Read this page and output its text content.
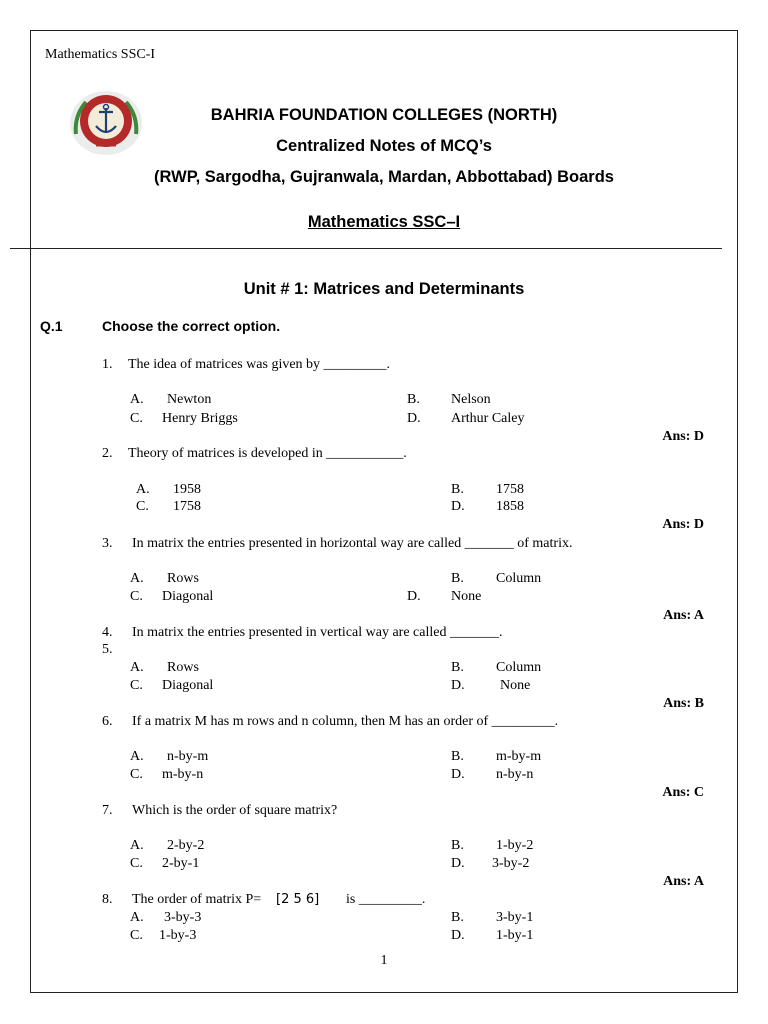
Mathematics SSC-I
BAHRIA FOUNDATION COLLEGES (NORTH)
Centralized Notes of MCQ’s
(RWP, Sargodha, Gujranwala, Mardan, Abbottabad) Boards
Mathematics SSC–I
Unit # 1: Matrices and Determinants
Q.1	Choose the correct option.
1. The idea of matrices was given by _________.
A. Newton	B. Nelson
C. Henry Briggs	D. Arthur Caley
Ans: D
2. Theory of matrices is developed in ___________.
A. 1958	B. 1758
C. 1758	D. 1858
Ans: D
3. In matrix the entries presented in horizontal way are called _______ of matrix.
A. Rows	B. Column
C. Diagonal	D. None
Ans: A
4. In matrix the entries presented in vertical way are called _______.
5.
A. Rows	B. Column
C. Diagonal	D.	None
Ans: B
6. If a matrix M has m rows and n column, then M has an order of _________.
A. n-by-m	B. m-by-m
C. m-by-n	D. n-by-n
Ans: C
7. Which is the order of square matrix?
A. 2-by-2	B. 1-by-2
C. 2-by-1	D. 3-by-2
Ans: A
8. The order of matrix P= [2 5 6] is _________.
A. 3-by-3	B. 3-by-1
C. 1-by-3	D. 1-by-1
1
